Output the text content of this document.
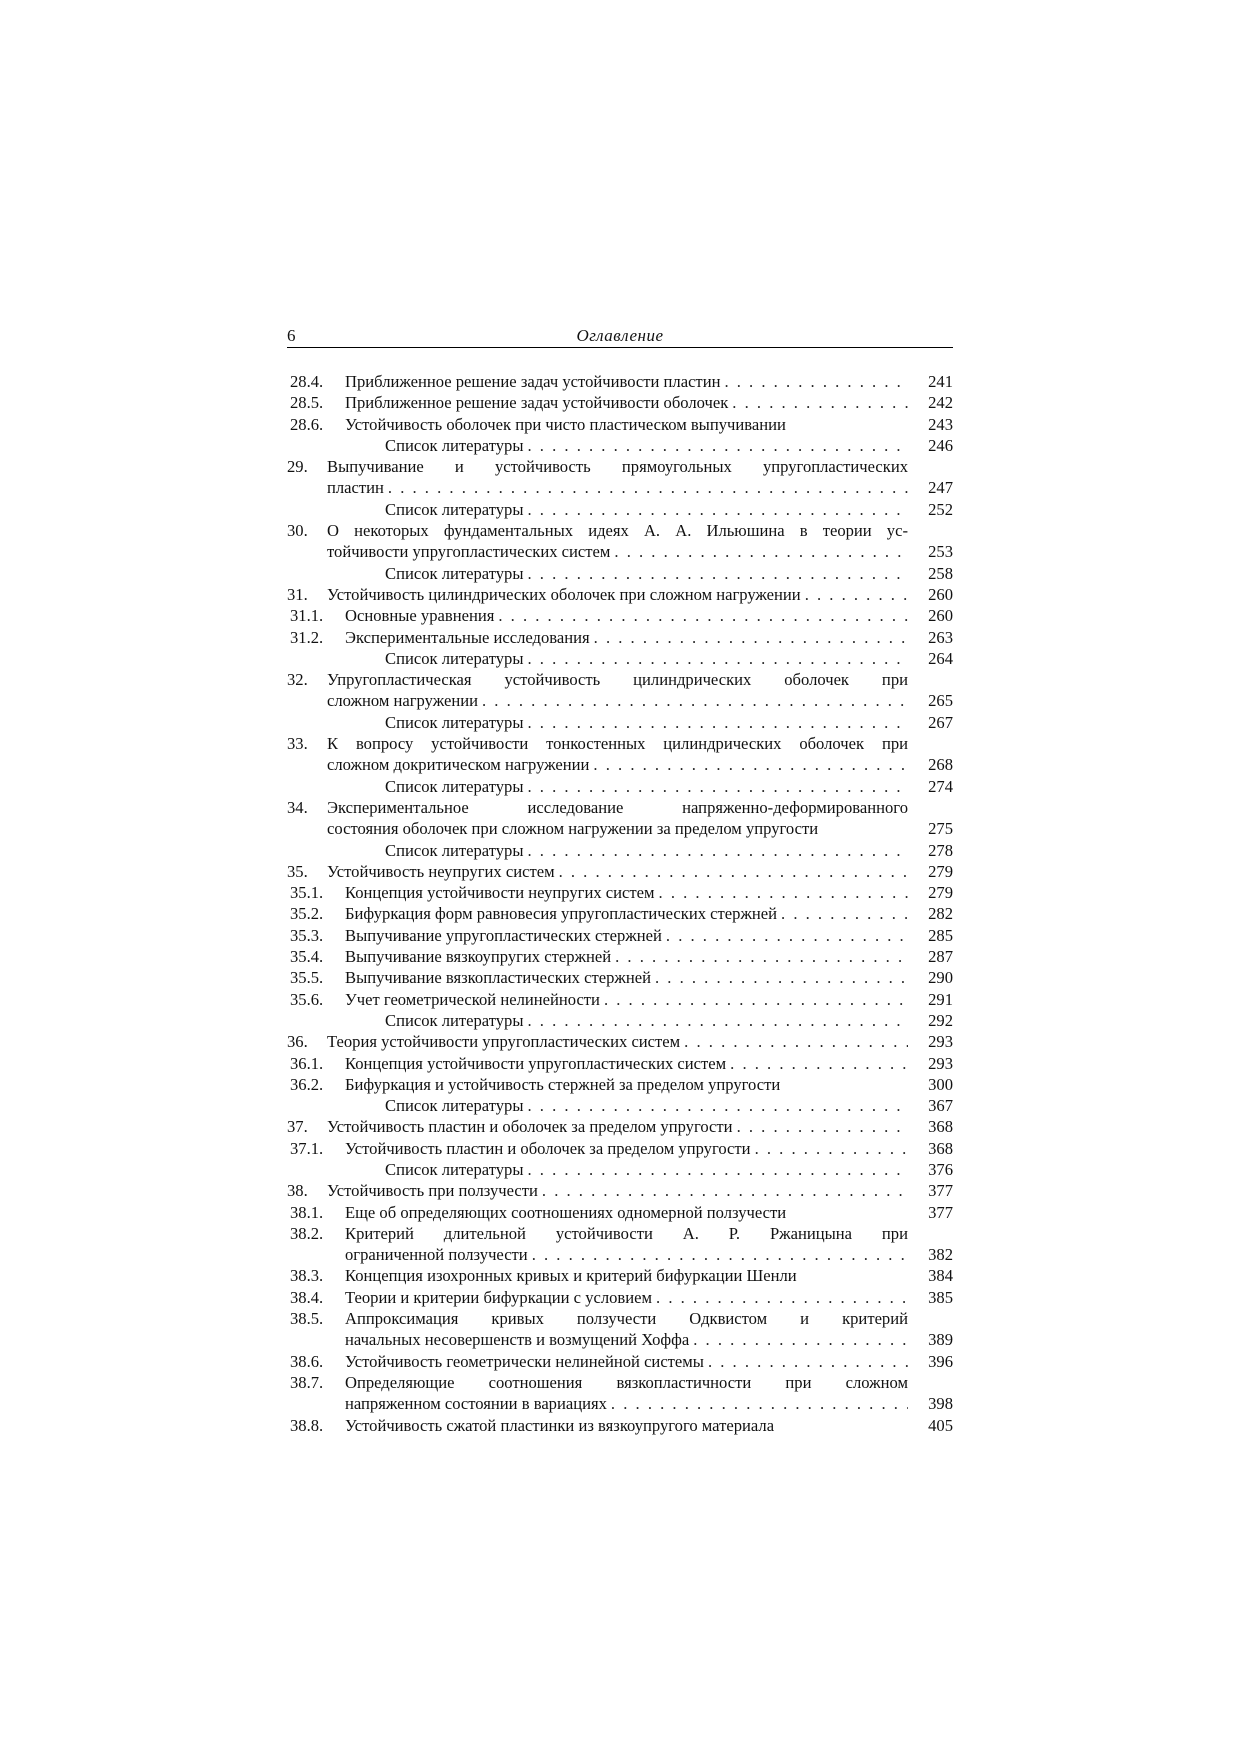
6	Оглавление
28.4.	Приближенное решение задач устойчивости пластин . . .	241
28.5.	Приближенное решение задач устойчивости оболочек . . .	242
28.6.	Устойчивость оболочек при чисто пластическом выпучивании	243
Список литературы . . .	246
29.	Выпучивание и устойчивость прямоугольных упругопластических
пластин . . .	247
Список литературы . . .	252
30.	О некоторых фундаментальных идеях А. А. Ильюшина в теории ус-
тойчивости упругопластических систем . . .	253
Список литературы . . .	258
31.	Устойчивость цилиндрических оболочек при сложном нагружении . . .	260
31.1.	Основные уравнения . . .	260
31.2.	Экспериментальные исследования . . .	263
Список литературы . . .	264
32.	Упругопластическая устойчивость цилиндрических оболочек при
сложном нагружении . . .	265
Список литературы . . .	267
33.	К вопросу устойчивости тонкостенных цилиндрических оболочек при
сложном докритическом нагружении . . .	268
Список литературы . . .	274
34.	Экспериментальное исследование напряженно-деформированного
состояния оболочек при сложном нагружении за пределом упругости	275
Список литературы . . .	278
35.	Устойчивость неупругих систем . . .	279
35.1.	Концепция устойчивости неупругих систем . . .	279
35.2.	Бифуркация форм равновесия упругопластических стержней . . .	282
35.3.	Выпучивание упругопластических стержней . . .	285
35.4.	Выпучивание вязкоупругих стержней . . .	287
35.5.	Выпучивание вязкопластических стержней . . .	290
35.6.	Учет геометрической нелинейности . . .	291
Список литературы . . .	292
36.	Теория устойчивости упругопластических систем . . .	293
36.1.	Концепция устойчивости упругопластических систем . . .	293
36.2.	Бифуркация и устойчивость стержней за пределом упругости	300
Список литературы . . .	367
37.	Устойчивость пластин и оболочек за пределом упругости . . .	368
37.1.	Устойчивость пластин и оболочек за пределом упругости . . .	368
Список литературы . . .	376
38.	Устойчивость при ползучести . . .	377
38.1.	Еще об определяющих соотношениях одномерной ползучести	377
38.2.	Критерий длительной устойчивости А. Р. Ржаницына при
ограниченной ползучести . . .	382
38.3.	Концепция изохронных кривых и критерий бифуркации Шенли	384
38.4.	Теории и критерии бифуркации с условием . . .	385
38.5.	Аппроксимация кривых ползучести Одквистом и критерий
начальных несовершенств и возмущений Хоффа . . .	389
38.6.	Устойчивость геометрически нелинейной системы . . .	396
38.7.	Определяющие соотношения вязкопластичности при сложном
напряженном состоянии в вариациях . . .	398
38.8.	Устойчивость сжатой пластинки из вязкоупругого материала	405
